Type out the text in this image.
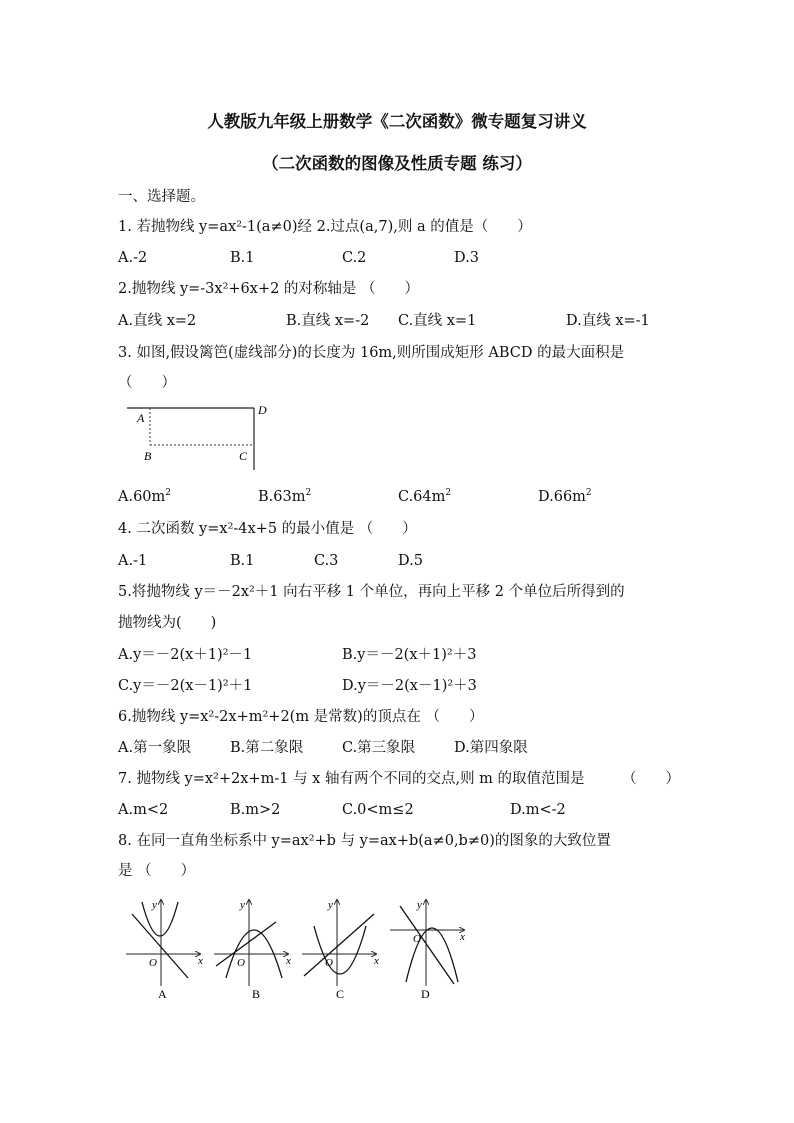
人教版九年级上册数学《二次函数》微专题复习讲义
（二次函数的图像及性质专题 练习）
一、选择题。
1. 若抛物线 y=ax²-1(a≠0)经 2.过点(a,7),则 a 的值是（　　）
A.-2	B.1	C.2	D.3
2.抛物线 y=-3x²+6x+2 的对称轴是 （　　）
A.直线 x=2	B.直线 x=-2 C.直线 x=1	D.直线 x=-1
3. 如图,假设篱笆(虚线部分)的长度为 16m,则所围成矩形 ABCD 的最大面积是
（　　）
A
B	C
D
$A.60m^2$	$B.63m^2$	$C.64m^2$	$D.66m^2$
4. 二次函数 y=x²-4x+5 的最小值是 （　　）
A.-1	B.1	C.3	D.5
5.将抛物线 y＝－2x²＋1 向右平移 1 个单位，再向上平移 2 个单位后所得到的
抛物线为(　　)
A.y＝－2(x＋1)²－1	B.y＝－2(x＋1)²＋3
C.y＝－2(x－1)²＋1	D.y＝－2(x－1)²＋3
6.抛物线 y=x²-2x+m²+2(m 是常数)的顶点在 （　　）
A.第一象限	B.第二象限	C.第三象限	D.第四象限
7. 抛物线 y=x²+2x+m-1 与 x 轴有两个不同的交点,则 m 的取值范围是	（　　）
A.m<2	B.m>2	C.0<m≤2	D.m<-2
8. 在同一直角坐标系中 y=ax²+b 与 y=ax+b(a≠0,b≠0)的图象的大致位置
是 （　　）
y
x
O
A
y
x
O
B
y
x
O
C
y
x
O
D
